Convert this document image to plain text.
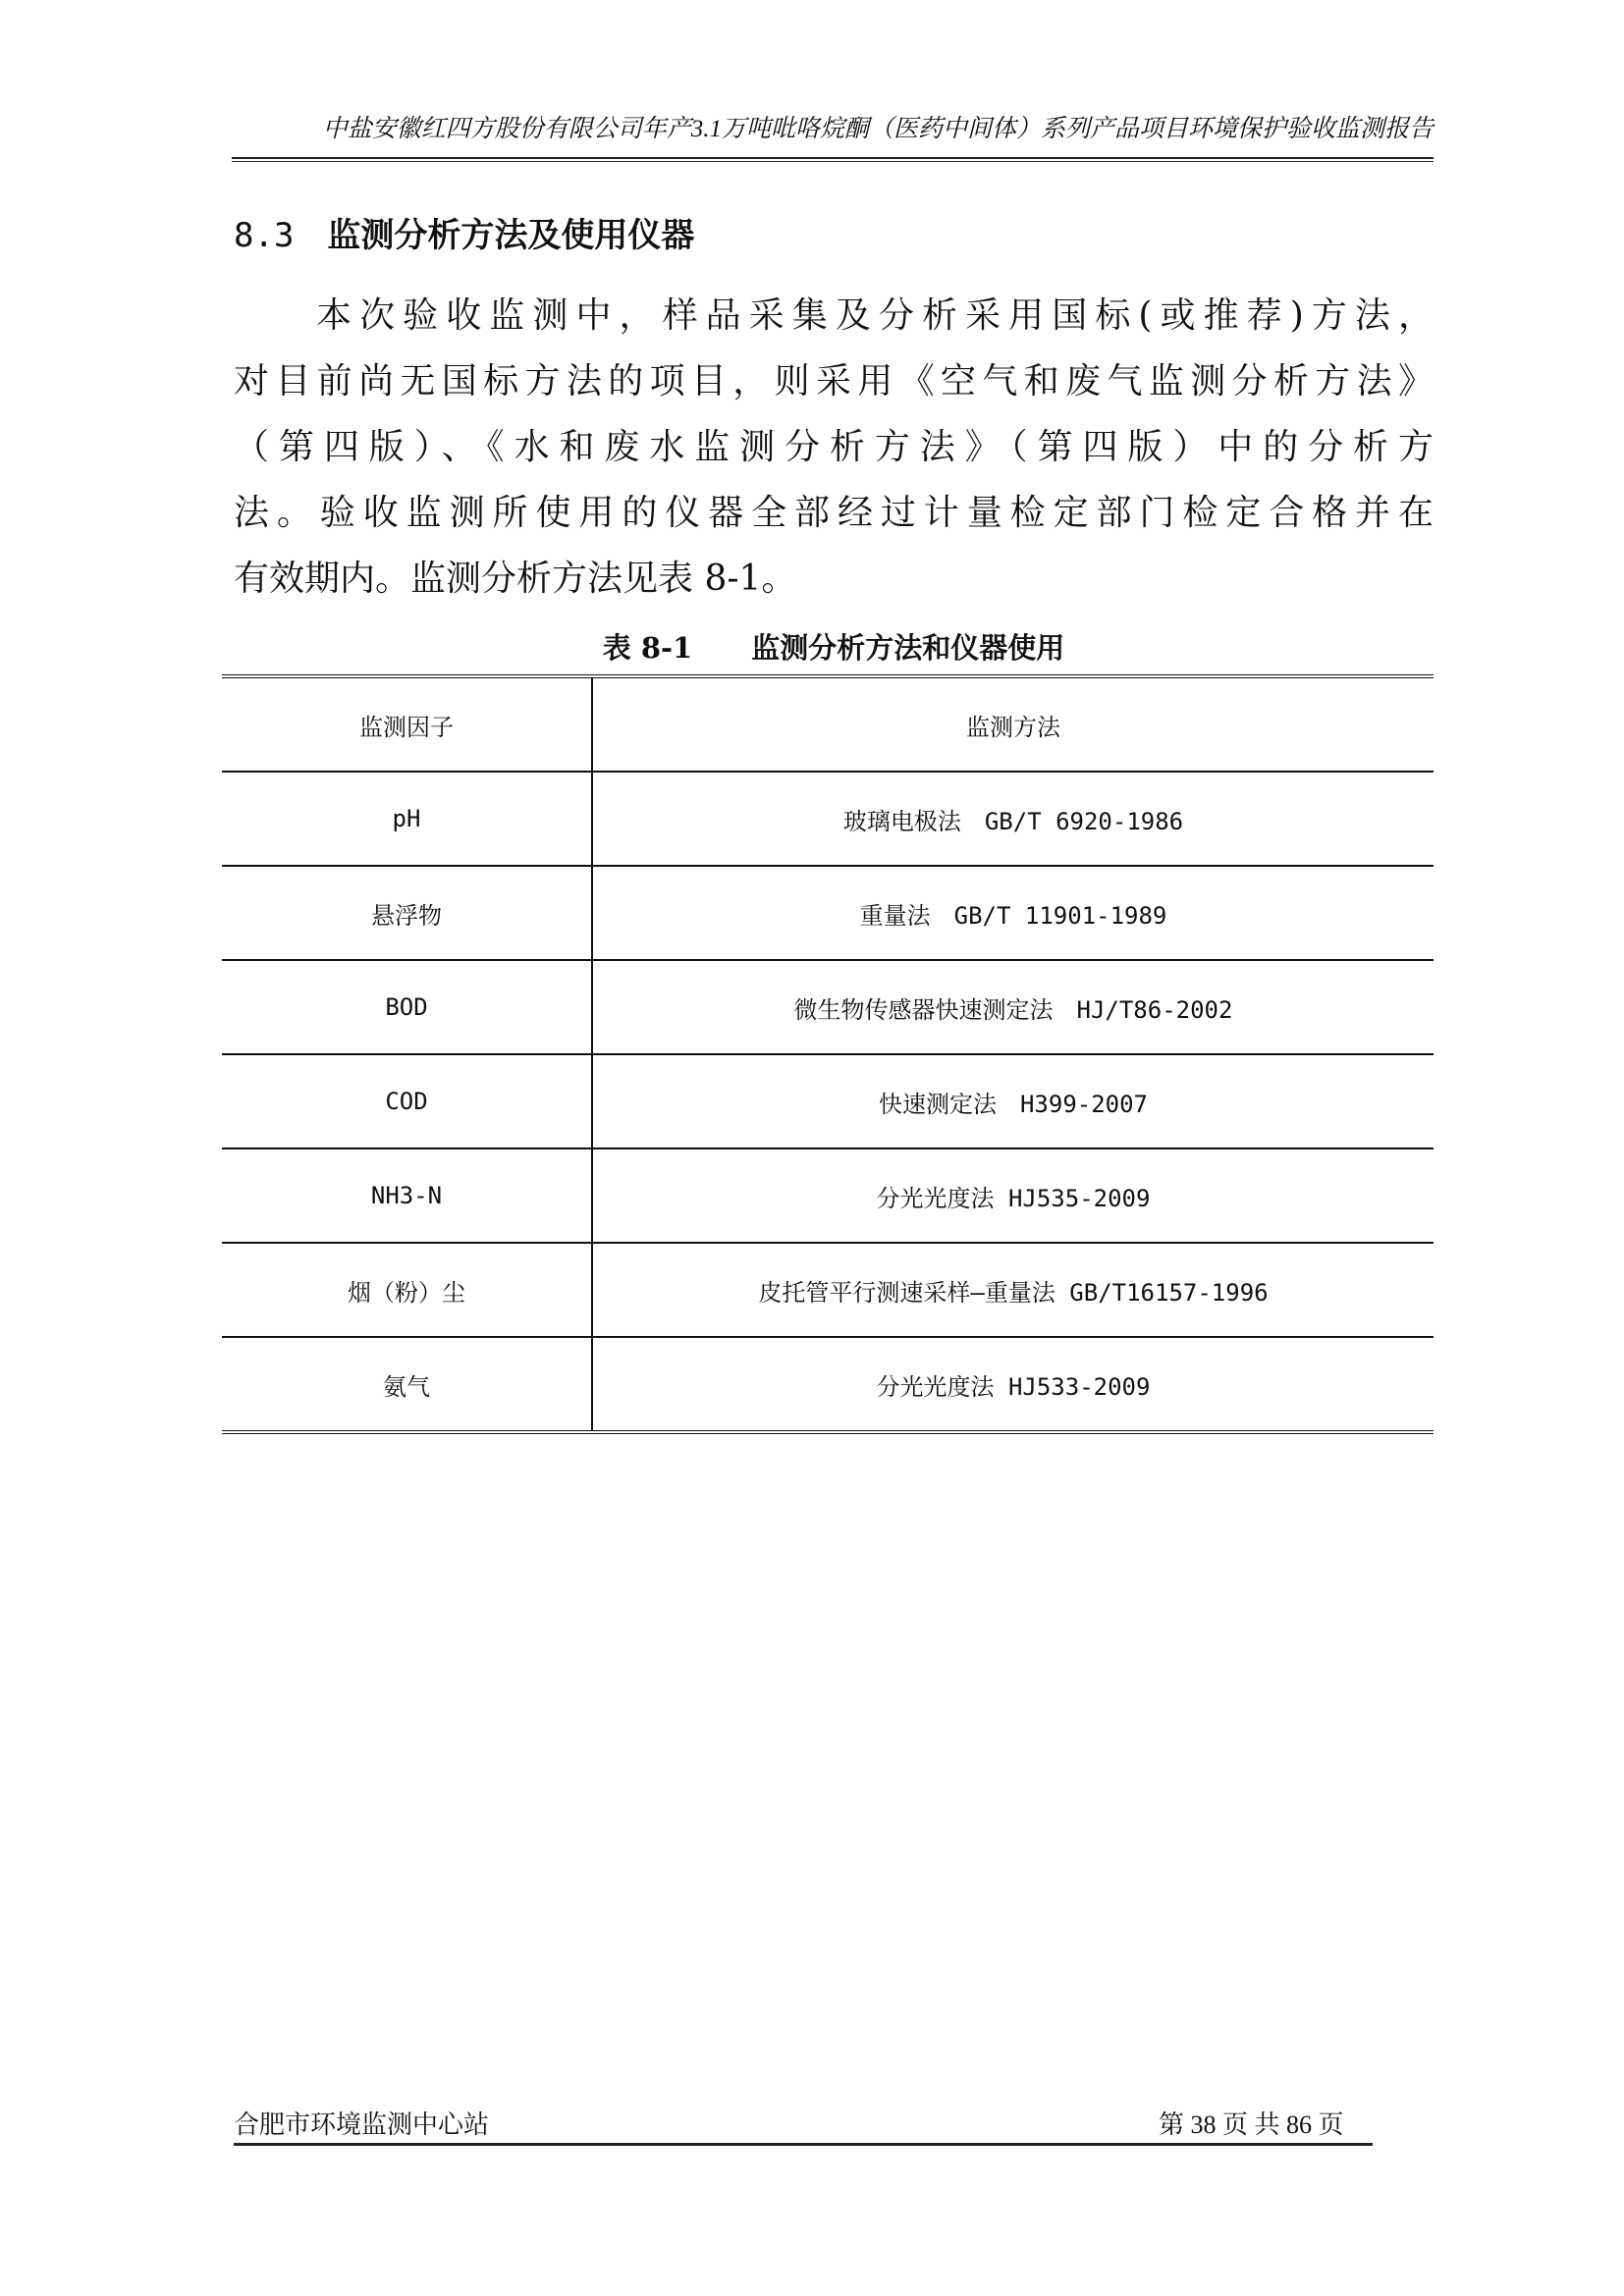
中盐安徽红四方股份有限公司年产3.1万吨吡咯烷酮（医药中间体）系列产品项目环境保护验收监测报告
8.3 监测分析方法及使用仪器
本次验收监测中，样品采集及分析采用国标(或推荐)方法，
对目前尚无国标方法的项目，则采用《空气和废气监测分析方法》
（第四版）、《水和废水监测分析方法》（第四版）中的分析方
法。验收监测所使用的仪器全部经过计量检定部门检定合格并在
有效期内。监测分析方法见表 8-1。
表 8-1 监测分析方法和仪器使用
监测因子	监测方法
pH	玻璃电极法　GB/T 6920-1986
悬浮物	重量法　GB/T 11901-1989
BOD	微生物传感器快速测定法　HJ/T86-2002
COD	快速测定法　H399-2007
NH3-N	分光光度法 HJ535-2009
烟（粉）尘	皮托管平行测速采样—重量法 GB/T16157-1996
氨气	分光光度法 HJ533-2009
合肥市环境监测中心站	第 38 页 共 86 页
